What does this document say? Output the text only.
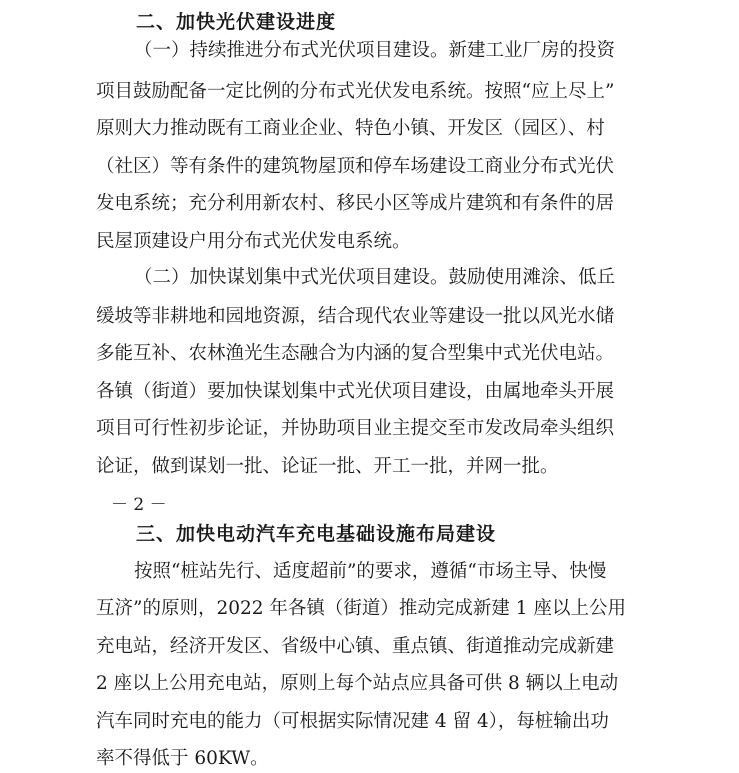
二、加快光伏建设进度
（一）持续推进分布式光伏项目建设。新建工业厂房的投资
项目鼓励配备一定比例的分布式光伏发电系统。按照“应上尽上”
原则大力推动既有工商业企业、特色小镇、开发区（园区）、村
（社区）等有条件的建筑物屋顶和停车场建设工商业分布式光伏
发电系统；充分利用新农村、移民小区等成片建筑和有条件的居
民屋顶建设户用分布式光伏发电系统。
（二）加快谋划集中式光伏项目建设。鼓励使用滩涂、低丘
缓坡等非耕地和园地资源，结合现代农业等建设一批以风光水储
多能互补、农林渔光生态融合为内涵的复合型集中式光伏电站。
各镇（街道）要加快谋划集中式光伏项目建设，由属地牵头开展
项目可行性初步论证，并协助项目业主提交至市发改局牵头组织
论证，做到谋划一批、论证一批、开工一批，并网一批。
－ 2 －
三、加快电动汽车充电基础设施布局建设
按照“桩站先行、适度超前”的要求，遵循“市场主导、快慢
互济”的原则，2022 年各镇（街道）推动完成新建 1 座以上公用
充电站，经济开发区、省级中心镇、重点镇、街道推动完成新建
2 座以上公用充电站，原则上每个站点应具备可供 8 辆以上电动
汽车同时充电的能力（可根据实际情况建 4 留 4），每桩输出功
率不得低于 60KW。
